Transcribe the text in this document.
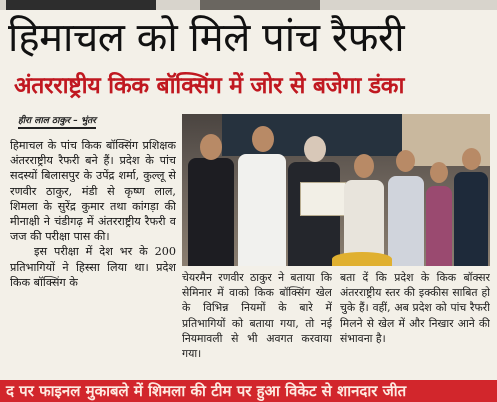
हिमाचल को मिले पांच रैफरी
अंतरराष्ट्रीय किक बॉक्सिंग में जोर से बजेगा डंका
हीरा लाल ठाकुर – भुंतर

हिमाचल के पांच किक बॉक्सिंग प्रशिक्षक अंतरराष्ट्रीय रैफरी बने हैं। प्रदेश के पांच सदस्यों बिलासपुर के उपेंद्र शर्मा, कुल्लू से रणवीर ठाकुर, मंडी से कृष्ण लाल, शिमला के सुरेंद्र कुमार तथा कांगड़ा की मीनाक्षी ने चंडीगढ़ में अंतरराष्ट्रीय रैफरी व जज की परीक्षा पास की।

इस परीक्षा में देश भर के 200 प्रतिभागियों ने हिस्सा लिया था। प्रदेश किक बॉक्सिंग के	चेयरमैन रणवीर ठाकुर ने बताया कि सेमिनार में वाको किक बॉक्सिंग खेल के विभिन्न नियमों के बारे में प्रतिभागियों को बताया गया, तो नई नियमावली से भी अवगत करवाया गया।

बता दें कि प्रदेश के किक बॉक्सर अंतरराष्ट्रीय स्तर की इक्कीस साबित हो चुके हैं। वहीं, अब प्रदेश को पांच रैफरी मिलने से खेल में और निखार आने की संभावना है।

द पर फाइनल मुकाबले में शिमला की टीम पर हुआ विकेट से शानदार जीत
